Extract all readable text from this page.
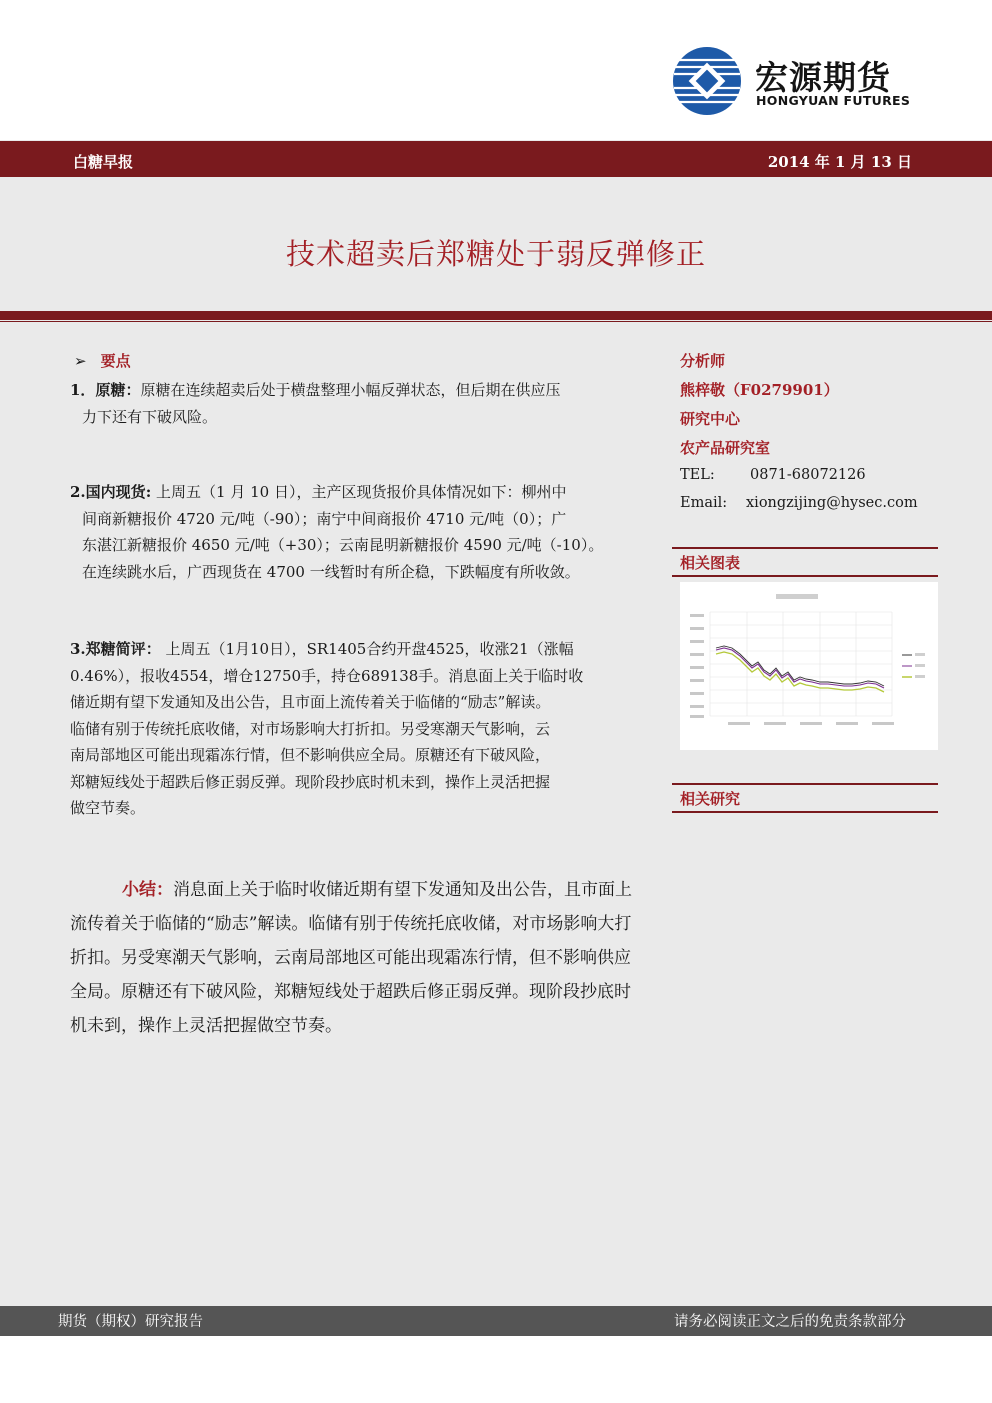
宏源期货
HONGYUAN FUTURES
白糖早报	2014 年 1 月 13 日
技术超卖后郑糖处于弱反弹修正
➢ 要点
1．原糖：原糖在连续超卖后处于横盘整理小幅反弹状态，但后期在供应压
力下还有下破风险。
2.国内现货: 上周五（1 月 10 日），主产区现货报价具体情况如下：柳州中
间商新糖报价 4720 元/吨（-90）；南宁中间商报价 4710 元/吨（0）；广
东湛江新糖报价 4650 元/吨（+30）；云南昆明新糖报价 4590 元/吨（-10）。
在连续跳水后，广西现货在 4700 一线暂时有所企稳，下跌幅度有所收敛。
3.郑糖简评： 上周五（1月10日），SR1405合约开盘4525，收涨21（涨幅
0.46%），报收4554，增仓12750手，持仓689138手。消息面上关于临时收
储近期有望下发通知及出公告，且市面上流传着关于临储的“励志”解读。
临储有别于传统托底收储，对市场影响大打折扣。另受寒潮天气影响，云
南局部地区可能出现霜冻行情，但不影响供应全局。原糖还有下破风险，
郑糖短线处于超跌后修正弱反弹。现阶段抄底时机未到，操作上灵活把握
做空节奏。
小结：消息面上关于临时收储近期有望下发通知及出公告，且市面上流传着关于临储的“励志”解读。临储有别于传统托底收储，对市场影响大打折扣。另受寒潮天气影响，云南局部地区可能出现霜冻行情，但不影响供应全局。原糖还有下破风险，郑糖短线处于超跌后修正弱反弹。现阶段抄底时机未到，操作上灵活把握做空节奏。
分析师
熊梓敬（F0279901）
研究中心
农产品研究室
TEL: 0871-68072126
Email: xiongzijing@hysec.com
相关图表
相关研究
期货（期权）研究报告	请务必阅读正文之后的免责条款部分
